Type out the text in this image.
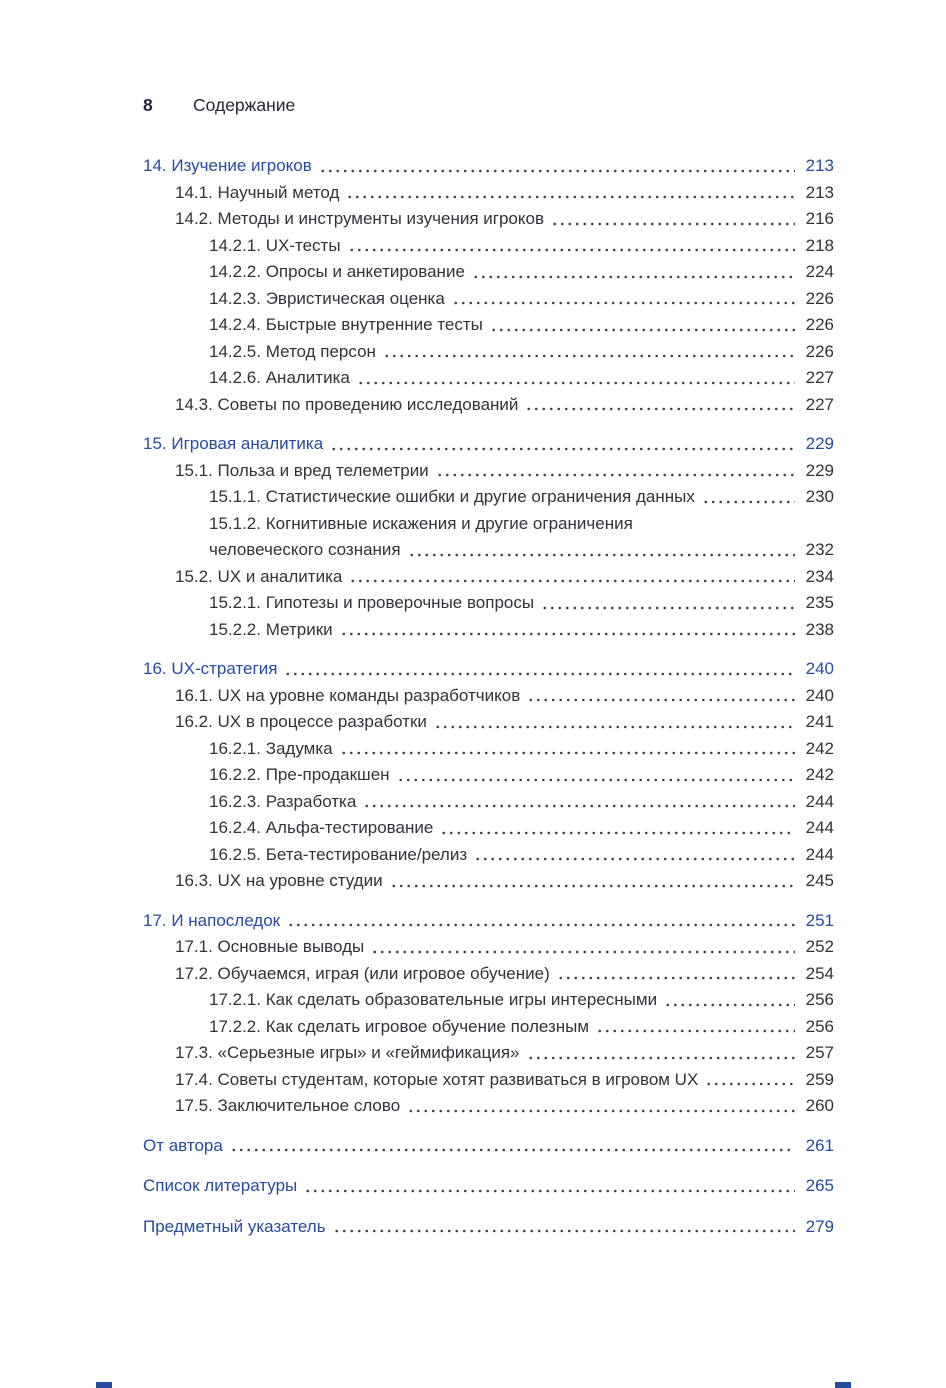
8 Содержание
14. Изучение игроков	213
14.1. Научный метод	213
14.2. Методы и инструменты изучения игроков	216
14.2.1. UX-тесты	218
14.2.2. Опросы и анкетирование	224
14.2.3. Эвристическая оценка	226
14.2.4. Быстрые внутренние тесты	226
14.2.5. Метод персон	226
14.2.6. Аналитика	227
14.3. Советы по проведению исследований	227
15. Игровая аналитика	229
15.1. Польза и вред телеметрии	229
15.1.1. Статистические ошибки и другие ограничения данных	230
15.1.2. Когнитивные искажения и другие ограничения
человеческого сознания	232
15.2. UX и аналитика	234
15.2.1. Гипотезы и проверочные вопросы	235
15.2.2. Метрики	238
16. UX-стратегия	240
16.1. UX на уровне команды разработчиков	240
16.2. UX в процессе разработки	241
16.2.1. Задумка	242
16.2.2. Пре-продакшен	242
16.2.3. Разработка	244
16.2.4. Альфа-тестирование	244
16.2.5. Бета-тестирование/релиз	244
16.3. UX на уровне студии	245
17. И напоследок	251
17.1. Основные выводы	252
17.2. Обучаемся, играя (или игровое обучение)	254
17.2.1. Как сделать образовательные игры интересными	256
17.2.2. Как сделать игровое обучение полезным	256
17.3. «Серьезные игры» и «геймификация»	257
17.4. Советы студентам, которые хотят развиваться в игровом UX	259
17.5. Заключительное слово	260
От автора	261
Список литературы	265
Предметный указатель	279
